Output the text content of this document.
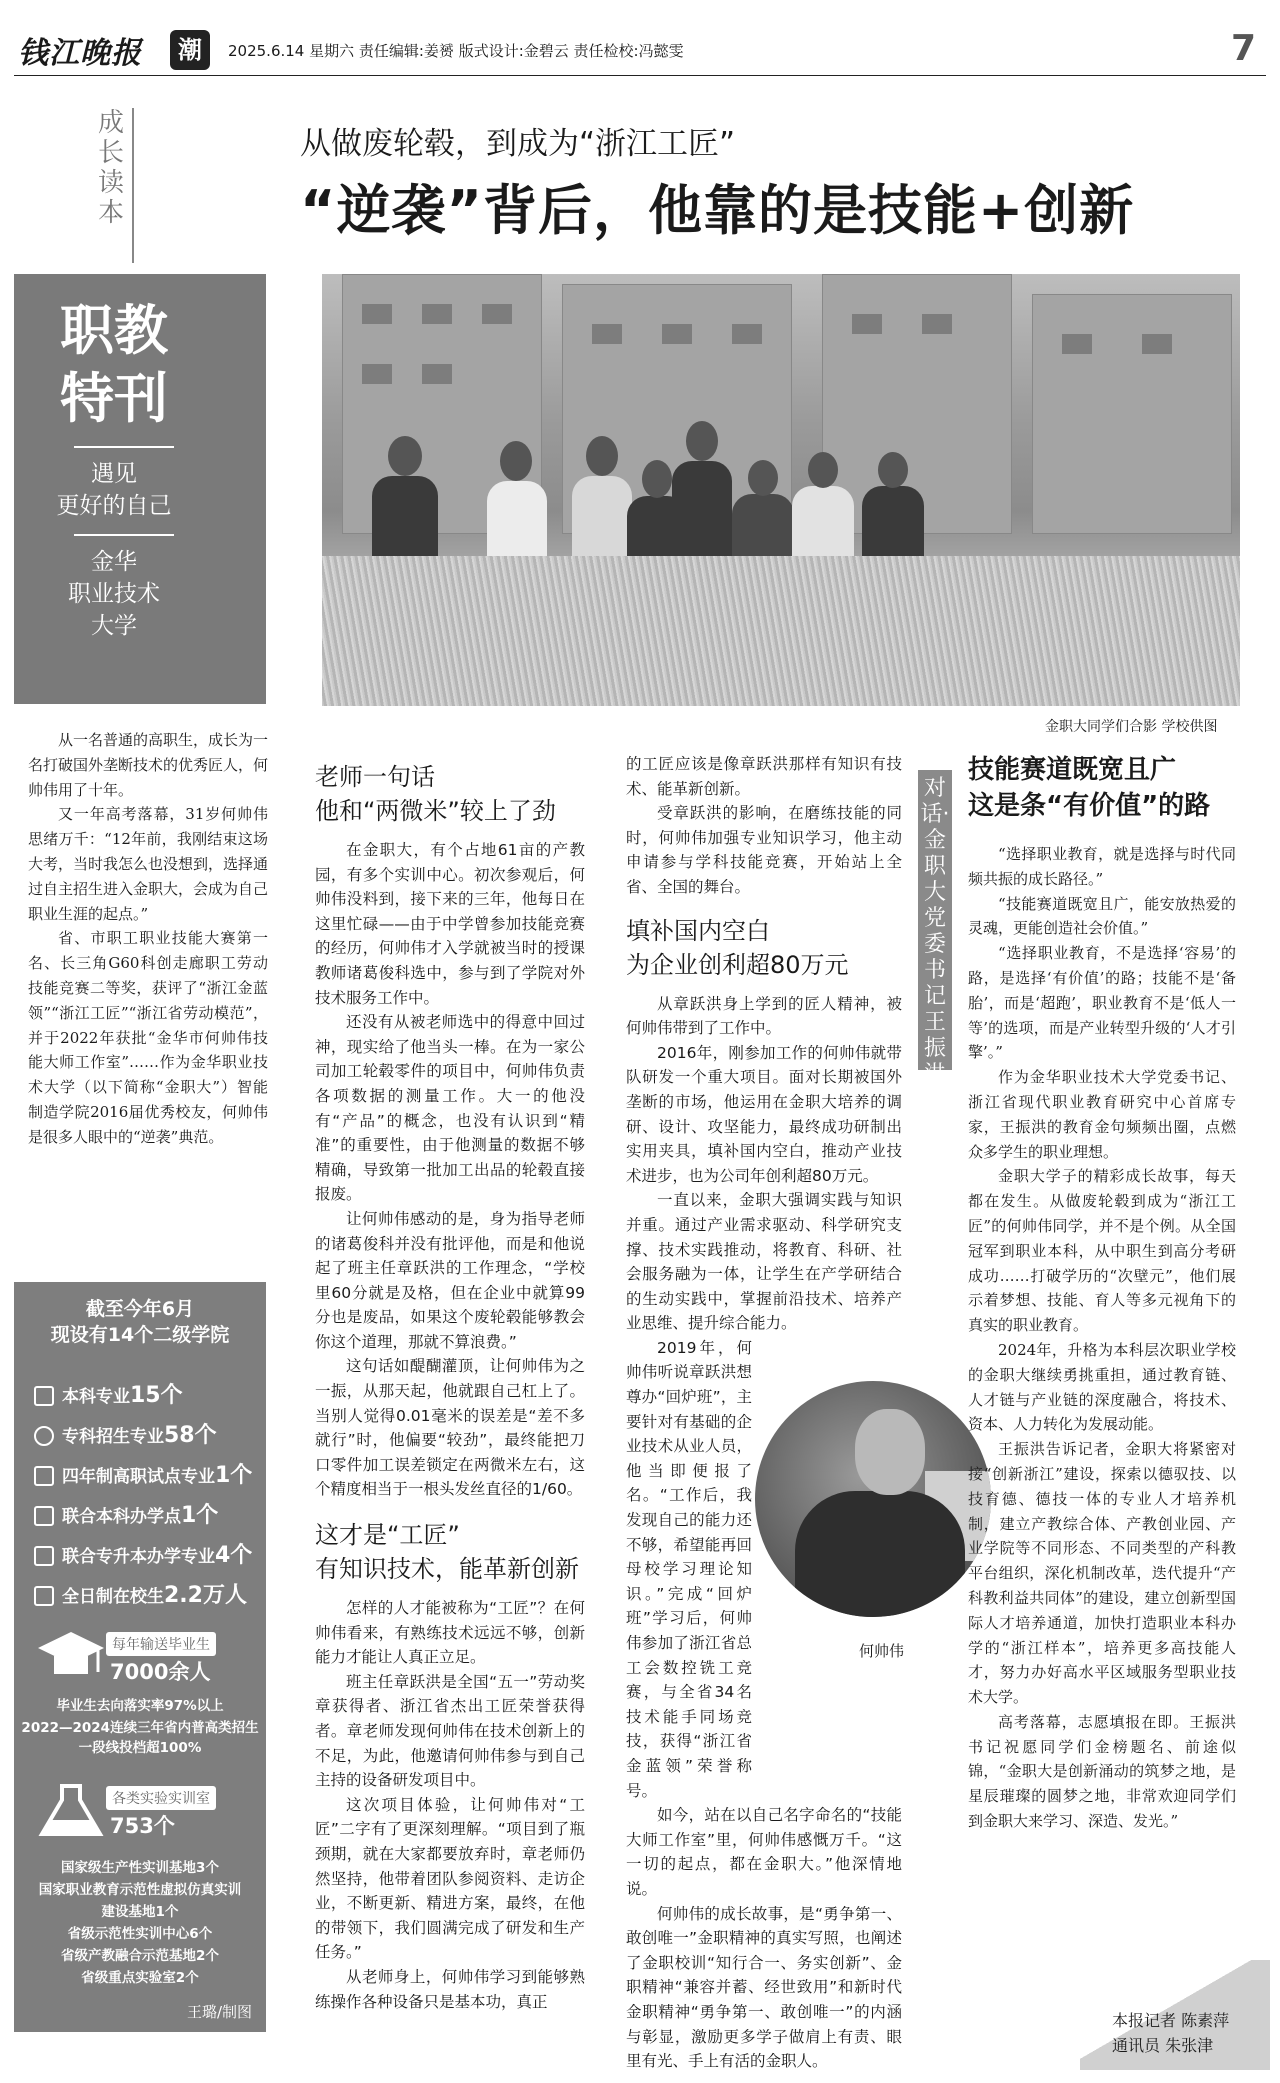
钱江晚报	潮	2025.6.14 星期六 责任编辑:姜赟 版式设计:金碧云 责任检校:冯懿雯	7
成长读本
从做废轮毂，到成为“浙江工匠”
“逆袭”背后，他靠的是技能+创新
职教
特刊
遇见
更好的自己
金华
职业技术
大学
金职大同学们合影 学校供图

从一名普通的高职生，成长为一名打破国外垄断技术的优秀匠人，何帅伟用了十年。

又一年高考落幕，31岁何帅伟思绪万千：“12年前，我刚结束这场大考，当时我怎么也没想到，选择通过自主招生进入金职大，会成为自己职业生涯的起点。”

省、市职工职业技能大赛第一名、长三角G60科创走廊职工劳动技能竞赛二等奖，获评了“浙江金蓝领”“浙江工匠”“浙江省劳动模范”，并于2022年获批“金华市何帅伟技能大师工作室”……作为金华职业技术大学（以下简称“金职大”）智能制造学院2016届优秀校友，何帅伟是很多人眼中的“逆袭”典范。

老师一句话
他和“两微米”较上了劲

在金职大，有个占地61亩的产教园，有多个实训中心。初次参观后，何帅伟没料到，接下来的三年，他每日在这里忙碌——由于中学曾参加技能竞赛的经历，何帅伟才入学就被当时的授课教师诸葛俊科选中，参与到了学院对外技术服务工作中。

还没有从被老师选中的得意中回过神，现实给了他当头一棒。在为一家公司加工轮毂零件的项目中，何帅伟负责各项数据的测量工作。大一的他没有“产品”的概念，也没有认识到“精准”的重要性，由于他测量的数据不够精确，导致第一批加工出品的轮毂直接报废。

让何帅伟感动的是，身为指导老师的诸葛俊科并没有批评他，而是和他说起了班主任章跃洪的工作理念，“学校里60分就是及格，但在企业中就算99分也是废品，如果这个废轮毂能够教会你这个道理，那就不算浪费。”

这句话如醍醐灌顶，让何帅伟为之一振，从那天起，他就跟自己杠上了。当别人觉得0.01毫米的误差是“差不多就行”时，他偏要“较劲”，最终能把刀口零件加工误差锁定在两微米左右，这个精度相当于一根头发丝直径的1/60。

这才是“工匠”
有知识技术，能革新创新

怎样的人才能被称为“工匠”？在何帅伟看来，有熟练技术远远不够，创新能力才能让人真正立足。

班主任章跃洪是全国“五一”劳动奖章获得者、浙江省杰出工匠荣誉获得者。章老师发现何帅伟在技术创新上的不足，为此，他邀请何帅伟参与到自己主持的设备研发项目中。

这次项目体验，让何帅伟对“工匠”二字有了更深刻理解。“项目到了瓶颈期，就在大家都要放弃时，章老师仍然坚持，他带着团队参阅资料、走访企业，不断更新、精进方案，最终，在他的带领下，我们圆满完成了研发和生产任务。”

从老师身上，何帅伟学习到能够熟练操作各种设备只是基本功，真正

的工匠应该是像章跃洪那样有知识有技术、能革新创新。

受章跃洪的影响，在磨练技能的同时，何帅伟加强专业知识学习，他主动申请参与学科技能竞赛，开始站上全省、全国的舞台。

填补国内空白
为企业创利超80万元

从章跃洪身上学到的匠人精神，被何帅伟带到了工作中。

2016年，刚参加工作的何帅伟就带队研发一个重大项目。面对长期被国外垄断的市场，他运用在金职大培养的调研、设计、攻坚能力，最终成功研制出实用夹具，填补国内空白，推动产业技术进步，也为公司年创利超80万元。

一直以来，金职大强调实践与知识并重。通过产业需求驱动、科学研究支撑、技术实践推动，将教育、科研、社会服务融为一体，让学生在产学研结合的生动实践中，掌握前沿技术、培养产业思维、提升综合能力。

2019年，何帅伟听说章跃洪想尊办“回炉班”，主要针对有基础的企业技术从业人员，他当即便报了名。“工作后，我发现自己的能力还不够，希望能再回母校学习理论知识。”完成“回炉班”学习后，何帅伟参加了浙江省总工会数控铣工竞赛，与全省34名技术能手同场竞技，获得“浙江省金蓝领”荣誉称号。

如今，站在以自己名字命名的“技能大师工作室”里，何帅伟感慨万千。“这一切的起点，都在金职大。”他深情地说。

何帅伟的成长故事，是“勇争第一、敢创唯一”金职精神的真实写照，也阐述了金职校训“知行合一、务实创新”、金职精神“兼容并蓄、经世致用”和新时代金职精神“勇争第一、敢创唯一”的内涵与彰显，激励更多学子做肩上有责、眼里有光、手上有活的金职人。

何帅伟
对话·金职大党委书记王振洪
技能赛道既宽且广
这是条“有价值”的路

“选择职业教育，就是选择与时代同频共振的成长路径。”

“技能赛道既宽且广，能安放热爱的灵魂，更能创造社会价值。”

“选择职业教育，不是选择‘容易’的路，是选择‘有价值’的路；技能不是‘备胎’，而是‘超跑’，职业教育不是‘低人一等’的选项，而是产业转型升级的‘人才引擎’。”

作为金华职业技术大学党委书记、浙江省现代职业教育研究中心首席专家，王振洪的教育金句频频出圈，点燃众多学生的职业理想。

金职大学子的精彩成长故事，每天都在发生。从做废轮毂到成为“浙江工匠”的何帅伟同学，并不是个例。从全国冠军到职业本科，从中职生到高分考研成功……打破学历的“次壁元”，他们展示着梦想、技能、育人等多元视角下的真实的职业教育。

2024年，升格为本科层次职业学校的金职大继续勇挑重担，通过教育链、人才链与产业链的深度融合，将技术、资本、人力转化为发展动能。

王振洪告诉记者，金职大将紧密对接“创新浙江”建设，探索以德驭技、以技育德、德技一体的专业人才培养机制，建立产教综合体、产教创业园、产业学院等不同形态、不同类型的产科教平台组织，深化机制改革，迭代提升“产科教利益共同体”的建设，建立创新型国际人才培养通道，加快打造职业本科办学的“浙江样本”，培养更多高技能人才，努力办好高水平区域服务型职业技术大学。

高考落幕，志愿填报在即。王振洪书记祝愿同学们金榜题名、前途似锦，“金职大是创新涌动的筑梦之地，是星辰璀璨的圆梦之地，非常欢迎同学们到金职大来学习、深造、发光。”

截至今年6月
现设有14个二级学院
本科专业15个
专科招生专业58个
四年制高职试点专业1个
联合本科办学点1个
联合专升本办学专业4个
全日制在校生2.2万人
每年输送毕业生
7000余人
毕业生去向落实率97%以上
2022—2024连续三年省内普高类招生
一段线投档超100%
各类实验实训室
753个
国家级生产性实训基地3个
国家职业教育示范性虚拟仿真实训
建设基地1个
省级示范性实训中心6个
省级产教融合示范基地2个
省级重点实验室2个
王璐/制图	本报记者 陈素萍
通讯员 朱张津
